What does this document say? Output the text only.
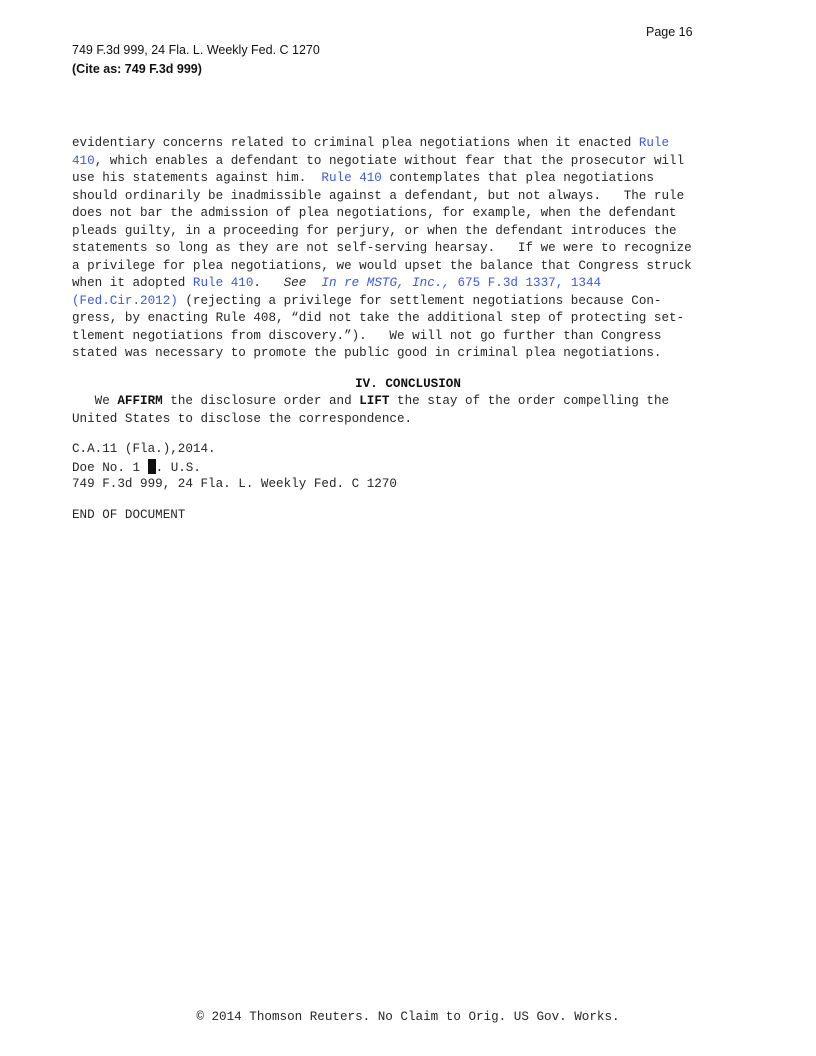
Page 16
749 F.3d 999, 24 Fla. L. Weekly Fed. C 1270
(Cite as: 749 F.3d 999)
evidentiary concerns related to criminal plea negotiations when it enacted Rule
410, which enables a defendant to negotiate without fear that the prosecutor will
use his statements against him.  Rule 410 contemplates that plea negotiations
should ordinarily be inadmissible against a defendant, but not always.   The rule
does not bar the admission of plea negotiations, for example, when the defendant
pleads guilty, in a proceeding for perjury, or when the defendant introduces the
statements so long as they are not self-serving hearsay.   If we were to recognize
a privilege for plea negotiations, we would upset the balance that Congress struck
when it adopted Rule 410.   See In re MSTG, Inc., 675 F.3d 1337, 1344
(Fed.Cir.2012) (rejecting a privilege for settlement negotiations because Con-
gress, by enacting Rule 408, “did not take the additional step of protecting set-
tlement negotiations from discovery.”).   We will not go further than Congress
stated was necessary to promote the public good in criminal plea negotiations.
IV. CONCLUSION
We AFFIRM the disclosure order and LIFT the stay of the order compelling the
United States to disclose the correspondence.
C.A.11 (Fla.),2014.
Doe No. 1 . U.S.
749 F.3d 999, 24 Fla. L. Weekly Fed. C 1270
END OF DOCUMENT
© 2014 Thomson Reuters. No Claim to Orig. US Gov. Works.
